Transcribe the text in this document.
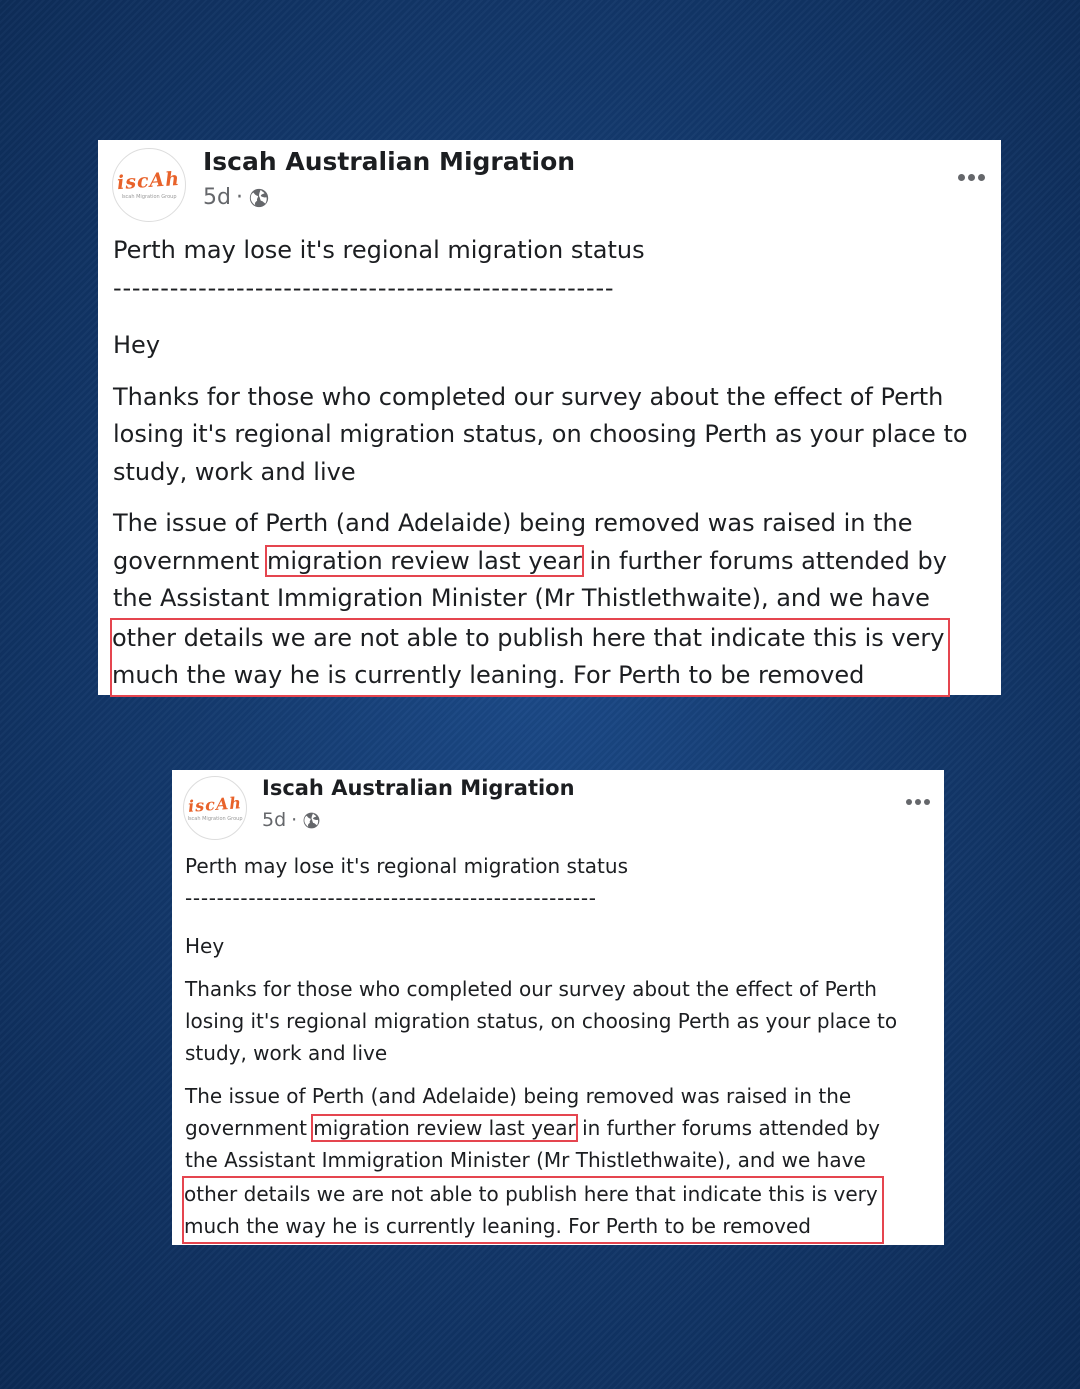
iscAh
Iscah Migration Group
Iscah Australian Migration
5d ·
Perth may lose it's regional migration status
-----------------------------------------------------
Hey
Thanks for those who completed our survey about the effect of Perth
losing it's regional migration status, on choosing Perth as your place to
study, work and live
The issue of Perth (and Adelaide) being removed was raised in the
government migration review last year in further forums attended by
the Assistant Immigration Minister (Mr Thistlethwaite), and we have
other details we are not able to publish here that indicate this is very
much the way he is currently leaning. For Perth to be removed
iscAh
Iscah Migration Group
Iscah Australian Migration
5d ·
Perth may lose it's regional migration status
----------------------------------------------------
Hey
Thanks for those who completed our survey about the effect of Perth
losing it's regional migration status, on choosing Perth as your place to
study, work and live
The issue of Perth (and Adelaide) being removed was raised in the
government migration review last year in further forums attended by
the Assistant Immigration Minister (Mr Thistlethwaite), and we have
other details we are not able to publish here that indicate this is very
much the way he is currently leaning. For Perth to be removed
